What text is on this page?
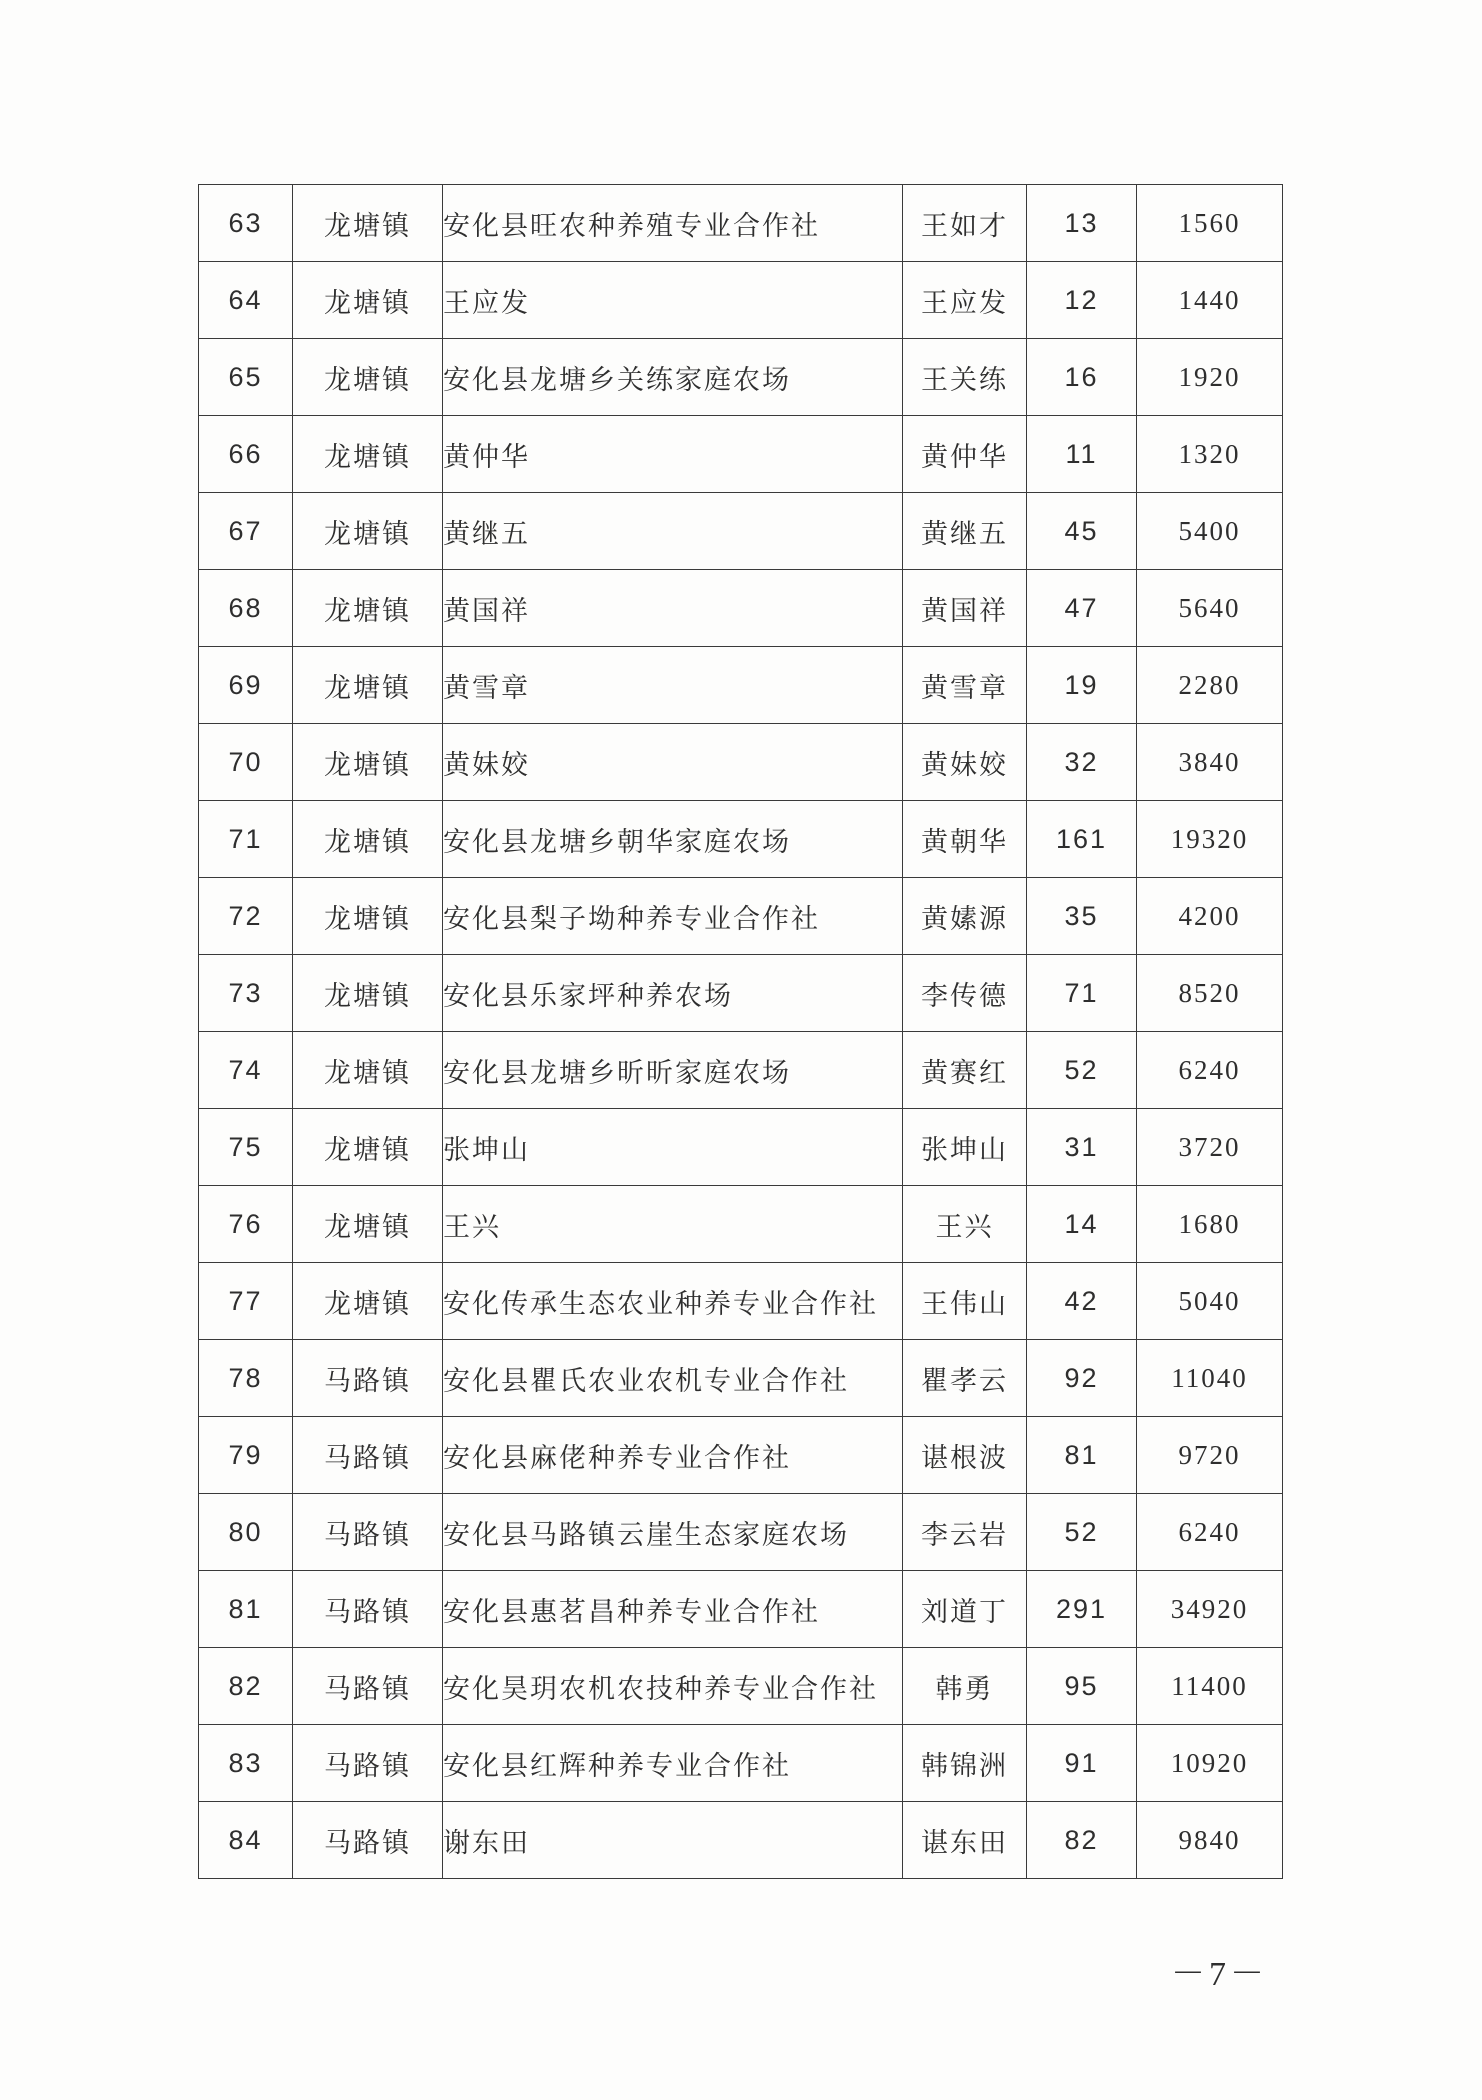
63	龙塘镇	安化县旺农种养殖专业合作社	王如才	13	1560
64	龙塘镇	王应发	王应发	12	1440
65	龙塘镇	安化县龙塘乡关练家庭农场	王关练	16	1920
66	龙塘镇	黄仲华	黄仲华	11	1320
67	龙塘镇	黄继五	黄继五	45	5400
68	龙塘镇	黄国祥	黄国祥	47	5640
69	龙塘镇	黄雪章	黄雪章	19	2280
70	龙塘镇	黄妹姣	黄妹姣	32	3840
71	龙塘镇	安化县龙塘乡朝华家庭农场	黄朝华	161	19320
72	龙塘镇	安化县梨子坳种养专业合作社	黄嫊源	35	4200
73	龙塘镇	安化县乐家坪种养农场	李传德	71	8520
74	龙塘镇	安化县龙塘乡昕昕家庭农场	黄赛红	52	6240
75	龙塘镇	张坤山	张坤山	31	3720
76	龙塘镇	王兴	王兴	14	1680
77	龙塘镇	安化传承生态农业种养专业合作社	王伟山	42	5040
78	马路镇	安化县瞿氏农业农机专业合作社	瞿孝云	92	11040
79	马路镇	安化县麻佬种养专业合作社	谌根波	81	9720
80	马路镇	安化县马路镇云崖生态家庭农场	李云岩	52	6240
81	马路镇	安化县惠茗昌种养专业合作社	刘道丁	291	34920
82	马路镇	安化昊玥农机农技种养专业合作社	韩勇	95	11400
83	马路镇	安化县红辉种养专业合作社	韩锦洲	91	10920
84	马路镇	谢东田	谌东田	82	9840
－7－
